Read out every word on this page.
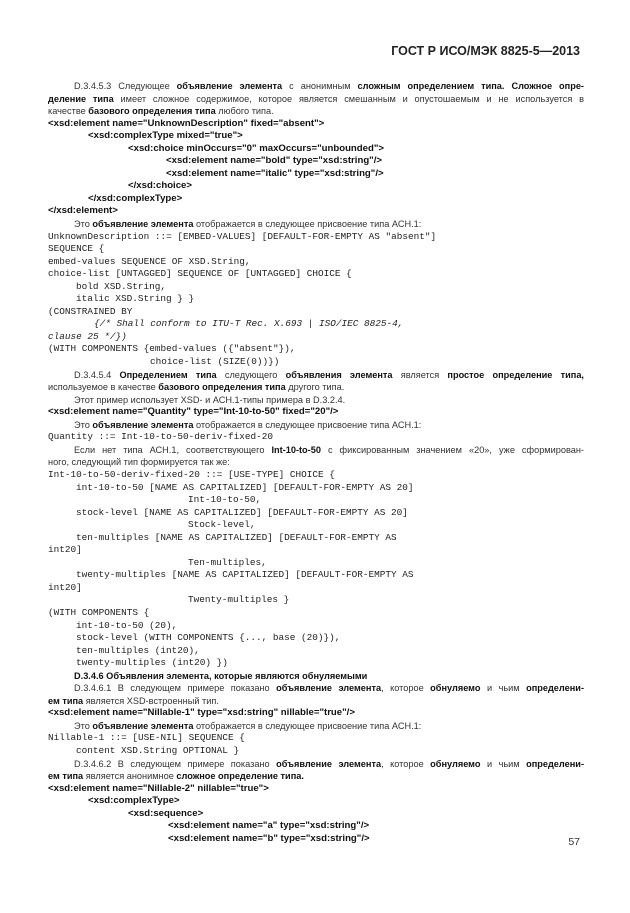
ГОСТ Р ИСО/МЭК 8825-5—2013
D.3.4.5.3 Следующее объявление элемента с анонимным сложным определением типа. Сложное опре-
деление типа имеет сложное содержимое, которое является смешанным и опустошаемым и не используется в
качестве базового определения типа любого типа.
<xsd:element name="UnknownDescription" fixed="absent">
<xsd:complexType mixed="true">
<xsd:choice minOccurs="0" maxOccurs="unbounded">
<xsd:element name="bold" type="xsd:string"/>
<xsd:element name="italic" type="xsd:string"/>
</xsd:choice>
</xsd:complexType>
</xsd:element>
Это объявление элемента отображается в следующее присвоение типа АСН.1:
UnknownDescription ::= [EMBED-VALUES] [DEFAULT-FOR-EMPTY AS "absent"]
SEQUENCE {
embed-values SEQUENCE OF XSD.String,
choice-list [UNTAGGED] SEQUENCE OF [UNTAGGED] CHOICE {
bold XSD.String,
italic XSD.String } }
(CONSTRAINED BY
{/* Shall conform to ITU-T Rec. X.693 | ISO/IEC 8825-4,
clause 25 */})
(WITH COMPONENTS {embed-values ({"absent"}),
choice-list (SIZE(0))})
D.3.4.5.4 Определением типа следующего объявления элемента является простое определение типа,
используемое в качестве базового определения типа другого типа.
Этот пример использует XSD- и АСН.1-типы примера в D.3.2.4.
<xsd:element name="Quantity" type="Int-10-to-50" fixed="20"/>
Это объявление элемента отображается в следующее присвоение типа АСН.1:
Quantity ::= Int-10-to-50-deriv-fixed-20
Если нет типа АСН.1, соответствующего Int-10-to-50 с фиксированным значением «20», уже сформирован-
ного, следующий тип формируется так же:
Int-10-to-50-deriv-fixed-20 ::= [USE-TYPE] CHOICE {
int-10-to-50 [NAME AS CAPITALIZED] [DEFAULT-FOR-EMPTY AS 20]
Int-10-to-50,
stock-level [NAME AS CAPITALIZED] [DEFAULT-FOR-EMPTY AS 20]
Stock-level,
ten-multiples [NAME AS CAPITALIZED] [DEFAULT-FOR-EMPTY AS
int20]
Ten-multiples,
twenty-multiples [NAME AS CAPITALIZED] [DEFAULT-FOR-EMPTY AS
int20]
Twenty-multiples }
(WITH COMPONENTS {
int-10-to-50 (20),
stock-level (WITH COMPONENTS {..., base (20)}),
ten-multiples (int20),
twenty-multiples (int20) })
D.3.4.6 Объявления элемента, которые являются обнуляемыми
D.3.4.6.1 В следующем примере показано объявление элемента, которое обнуляемо и чьим определени-
ем типа является XSD-встроенный тип.
<xsd:element name="Nillable-1" type="xsd:string" nillable="true"/>
Это объявление элемента отображается в следующее присвоение типа АСН.1:
Nillable-1 ::= [USE-NIL] SEQUENCE {
content XSD.String OPTIONAL }
D.3.4.6.2 В следующем примере показано объявление элемента, которое обнуляемо и чьим определени-
ем типа является анонимное сложное определение типа.
<xsd:element name="Nillable-2" nillable="true">
<xsd:complexType>
<xsd:sequence>
<xsd:element name="a" type="xsd:string"/>
<xsd:element name="b" type="xsd:string"/>	57
